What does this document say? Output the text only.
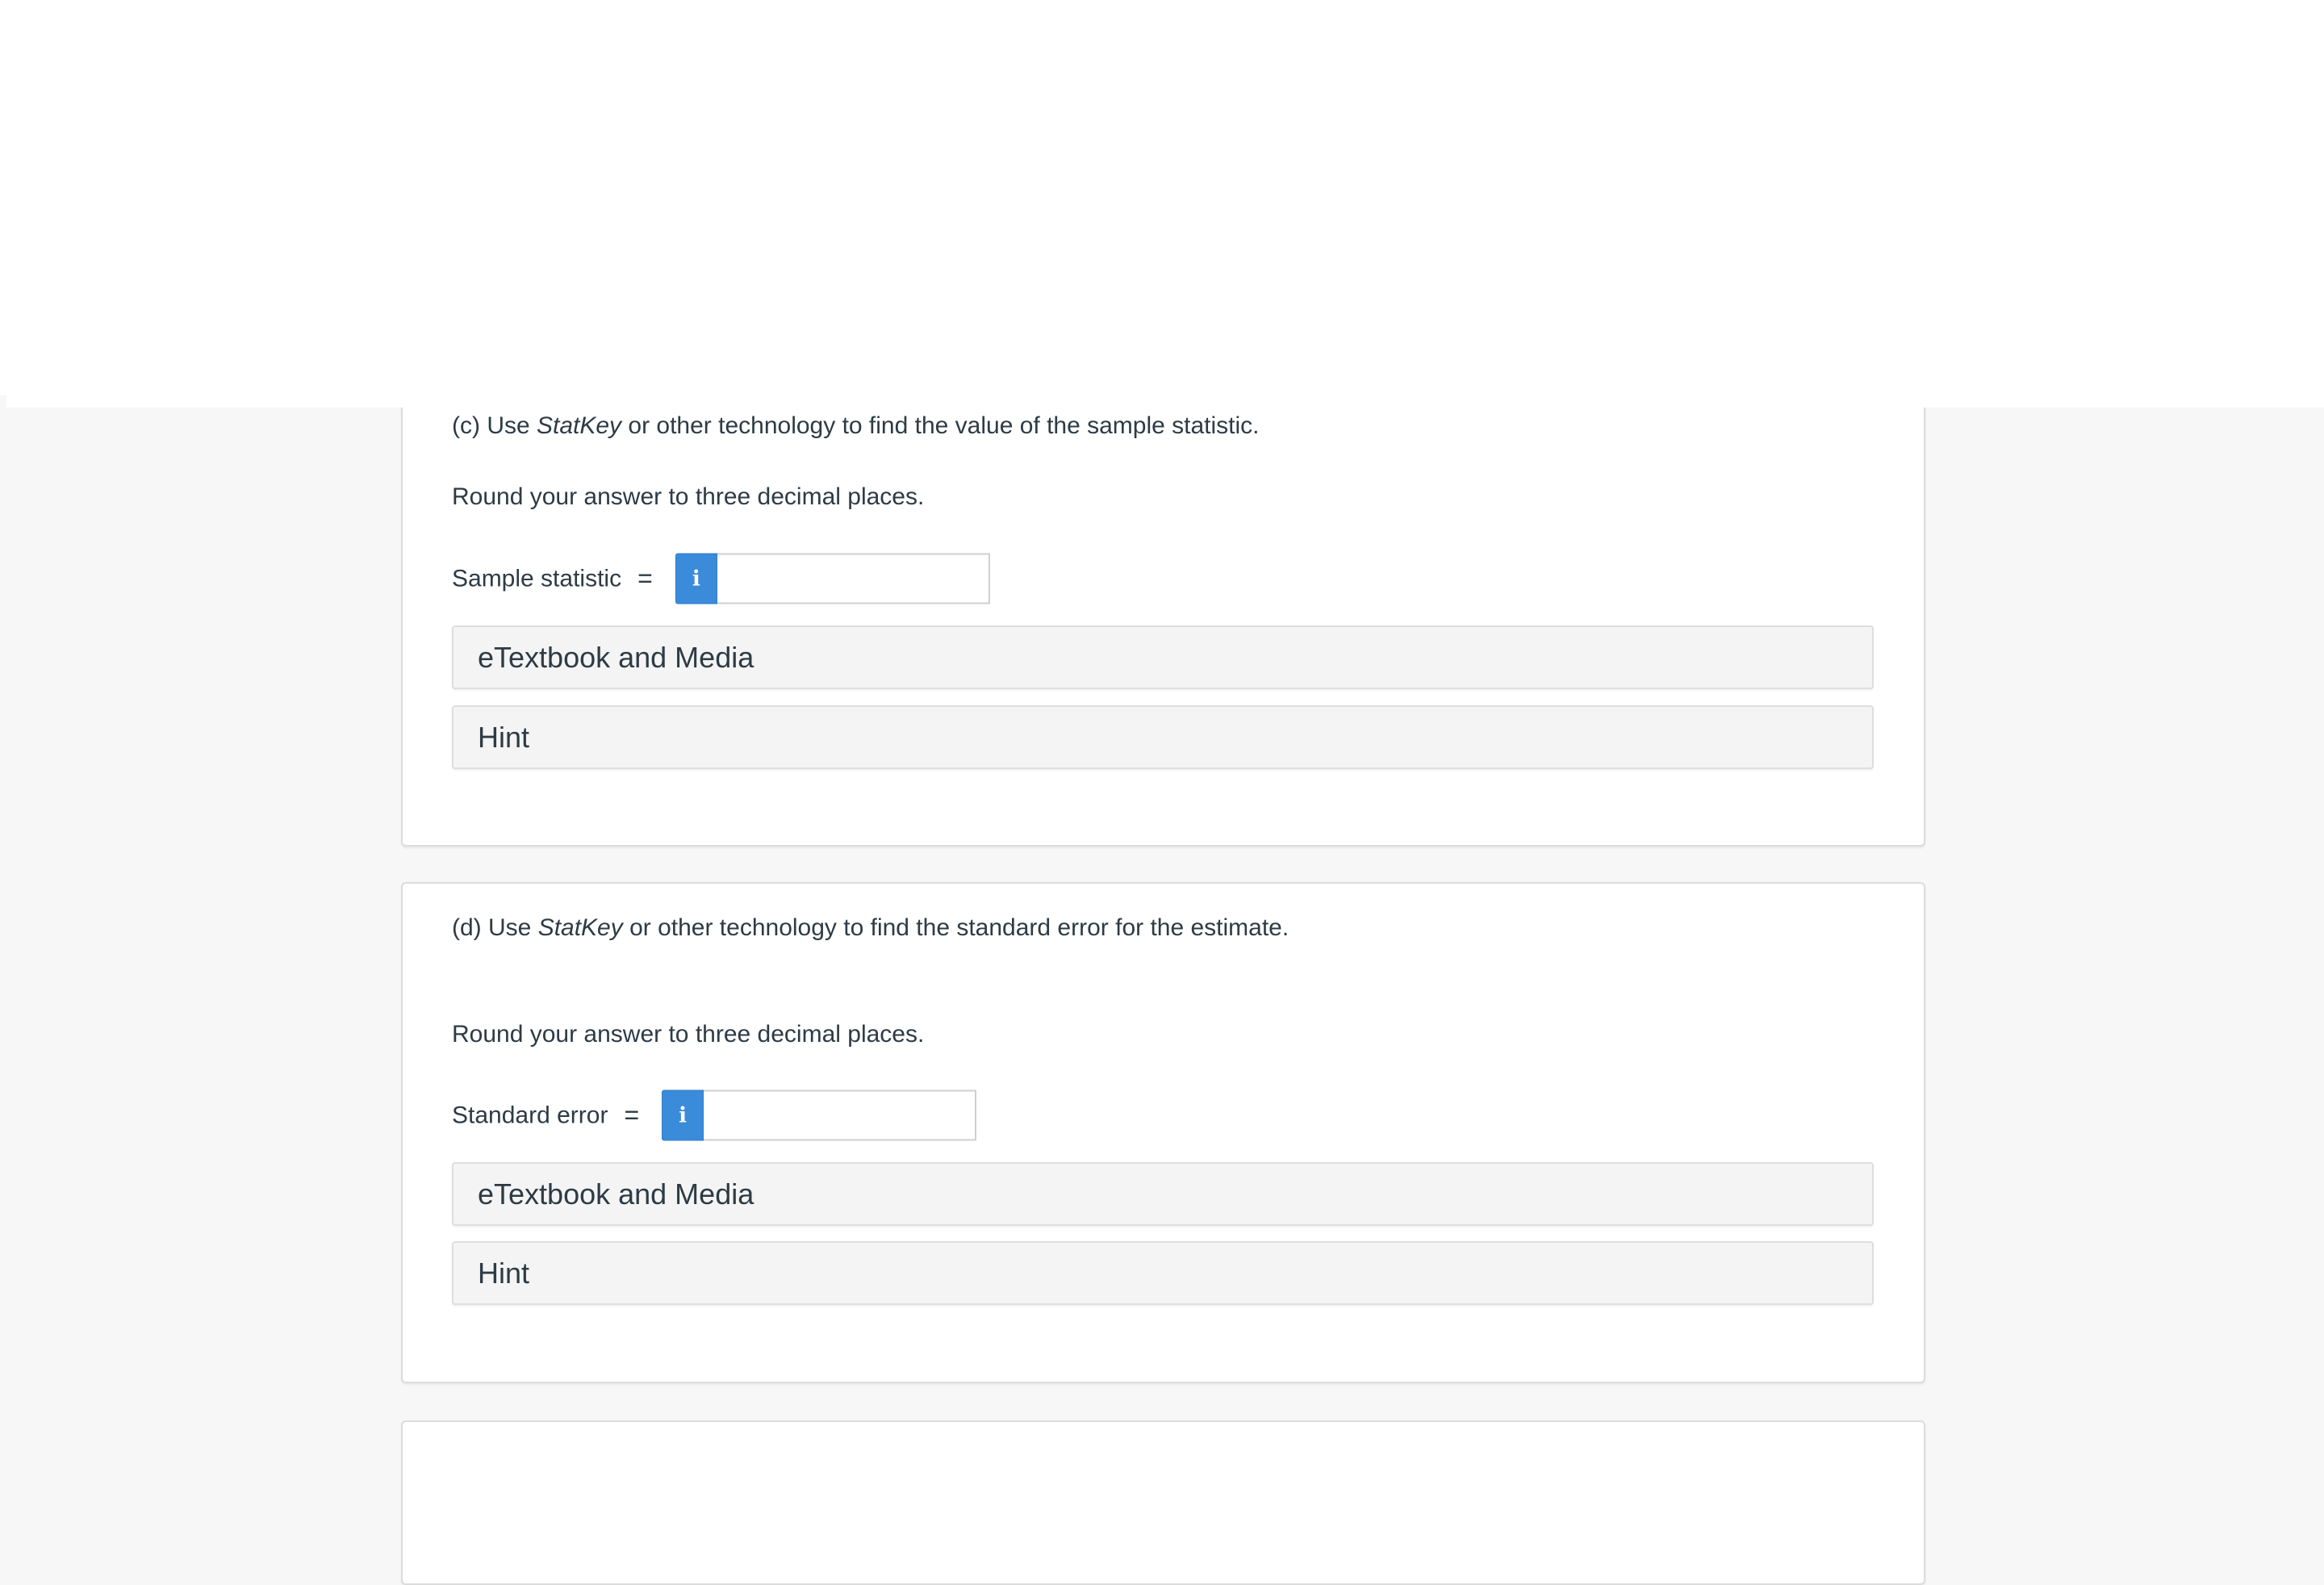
(c) Use StatKey or other technology to find the value of the sample statistic.
Round your answer to three decimal places.
Sample statistic =	i
eTextbook and Media
Hint
(d) Use StatKey or other technology to find the standard error for the estimate.
Round your answer to three decimal places.
Standard error =	i
eTextbook and Media
Hint
